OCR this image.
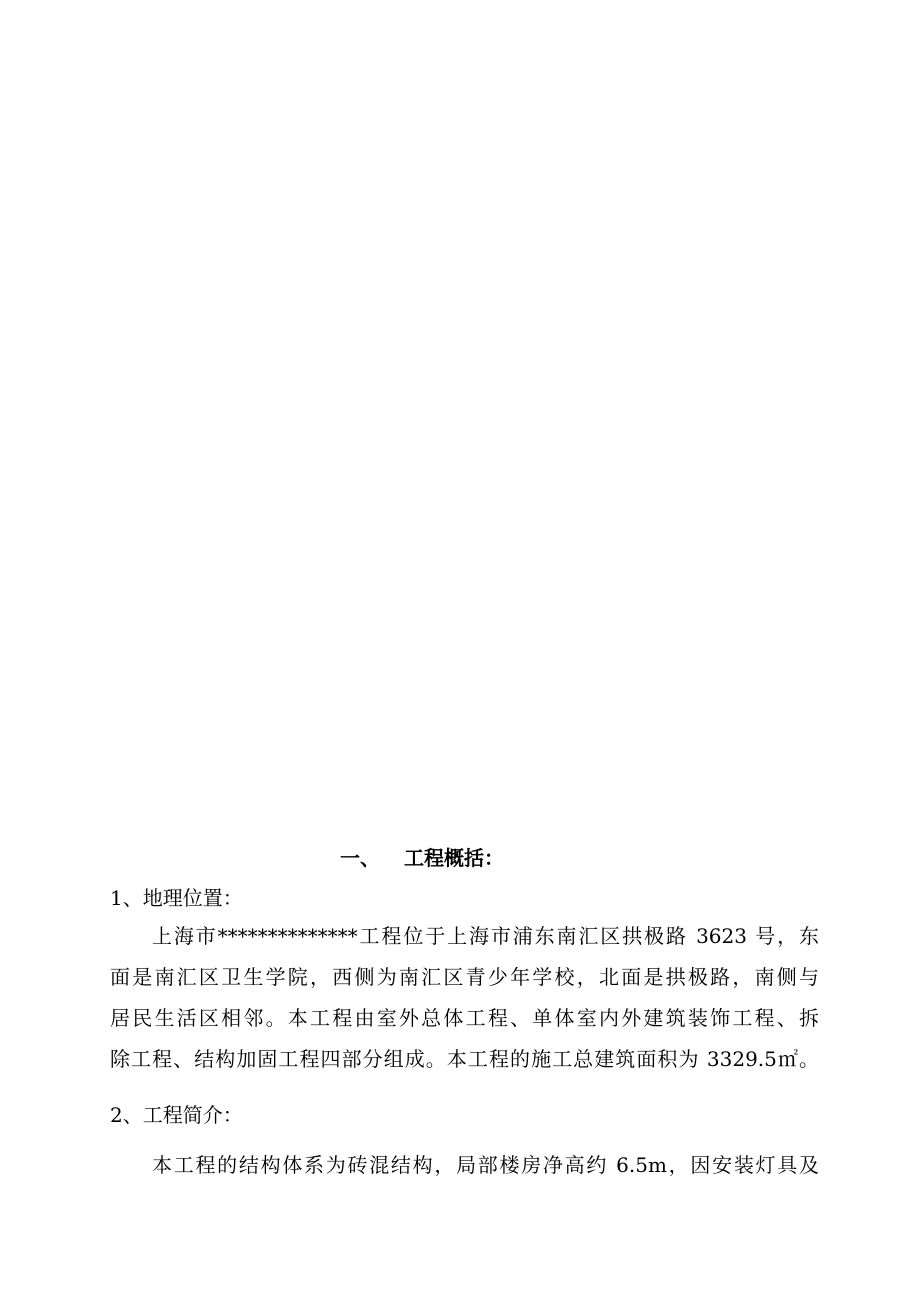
一、 工程概括：
1、地理位置：
上海市**************工程位于上海市浦东南汇区拱极路 3623 号，东
面是南汇区卫生学院，西侧为南汇区青少年学校，北面是拱极路，南侧与
居民生活区相邻。本工程由室外总体工程、单体室内外建筑装饰工程、拆
除工程、结构加固工程四部分组成。本工程的施工总建筑面积为 3329.5㎡。
2、工程简介：
本工程的结构体系为砖混结构，局部楼房净高约 6.5m，因安装灯具及
